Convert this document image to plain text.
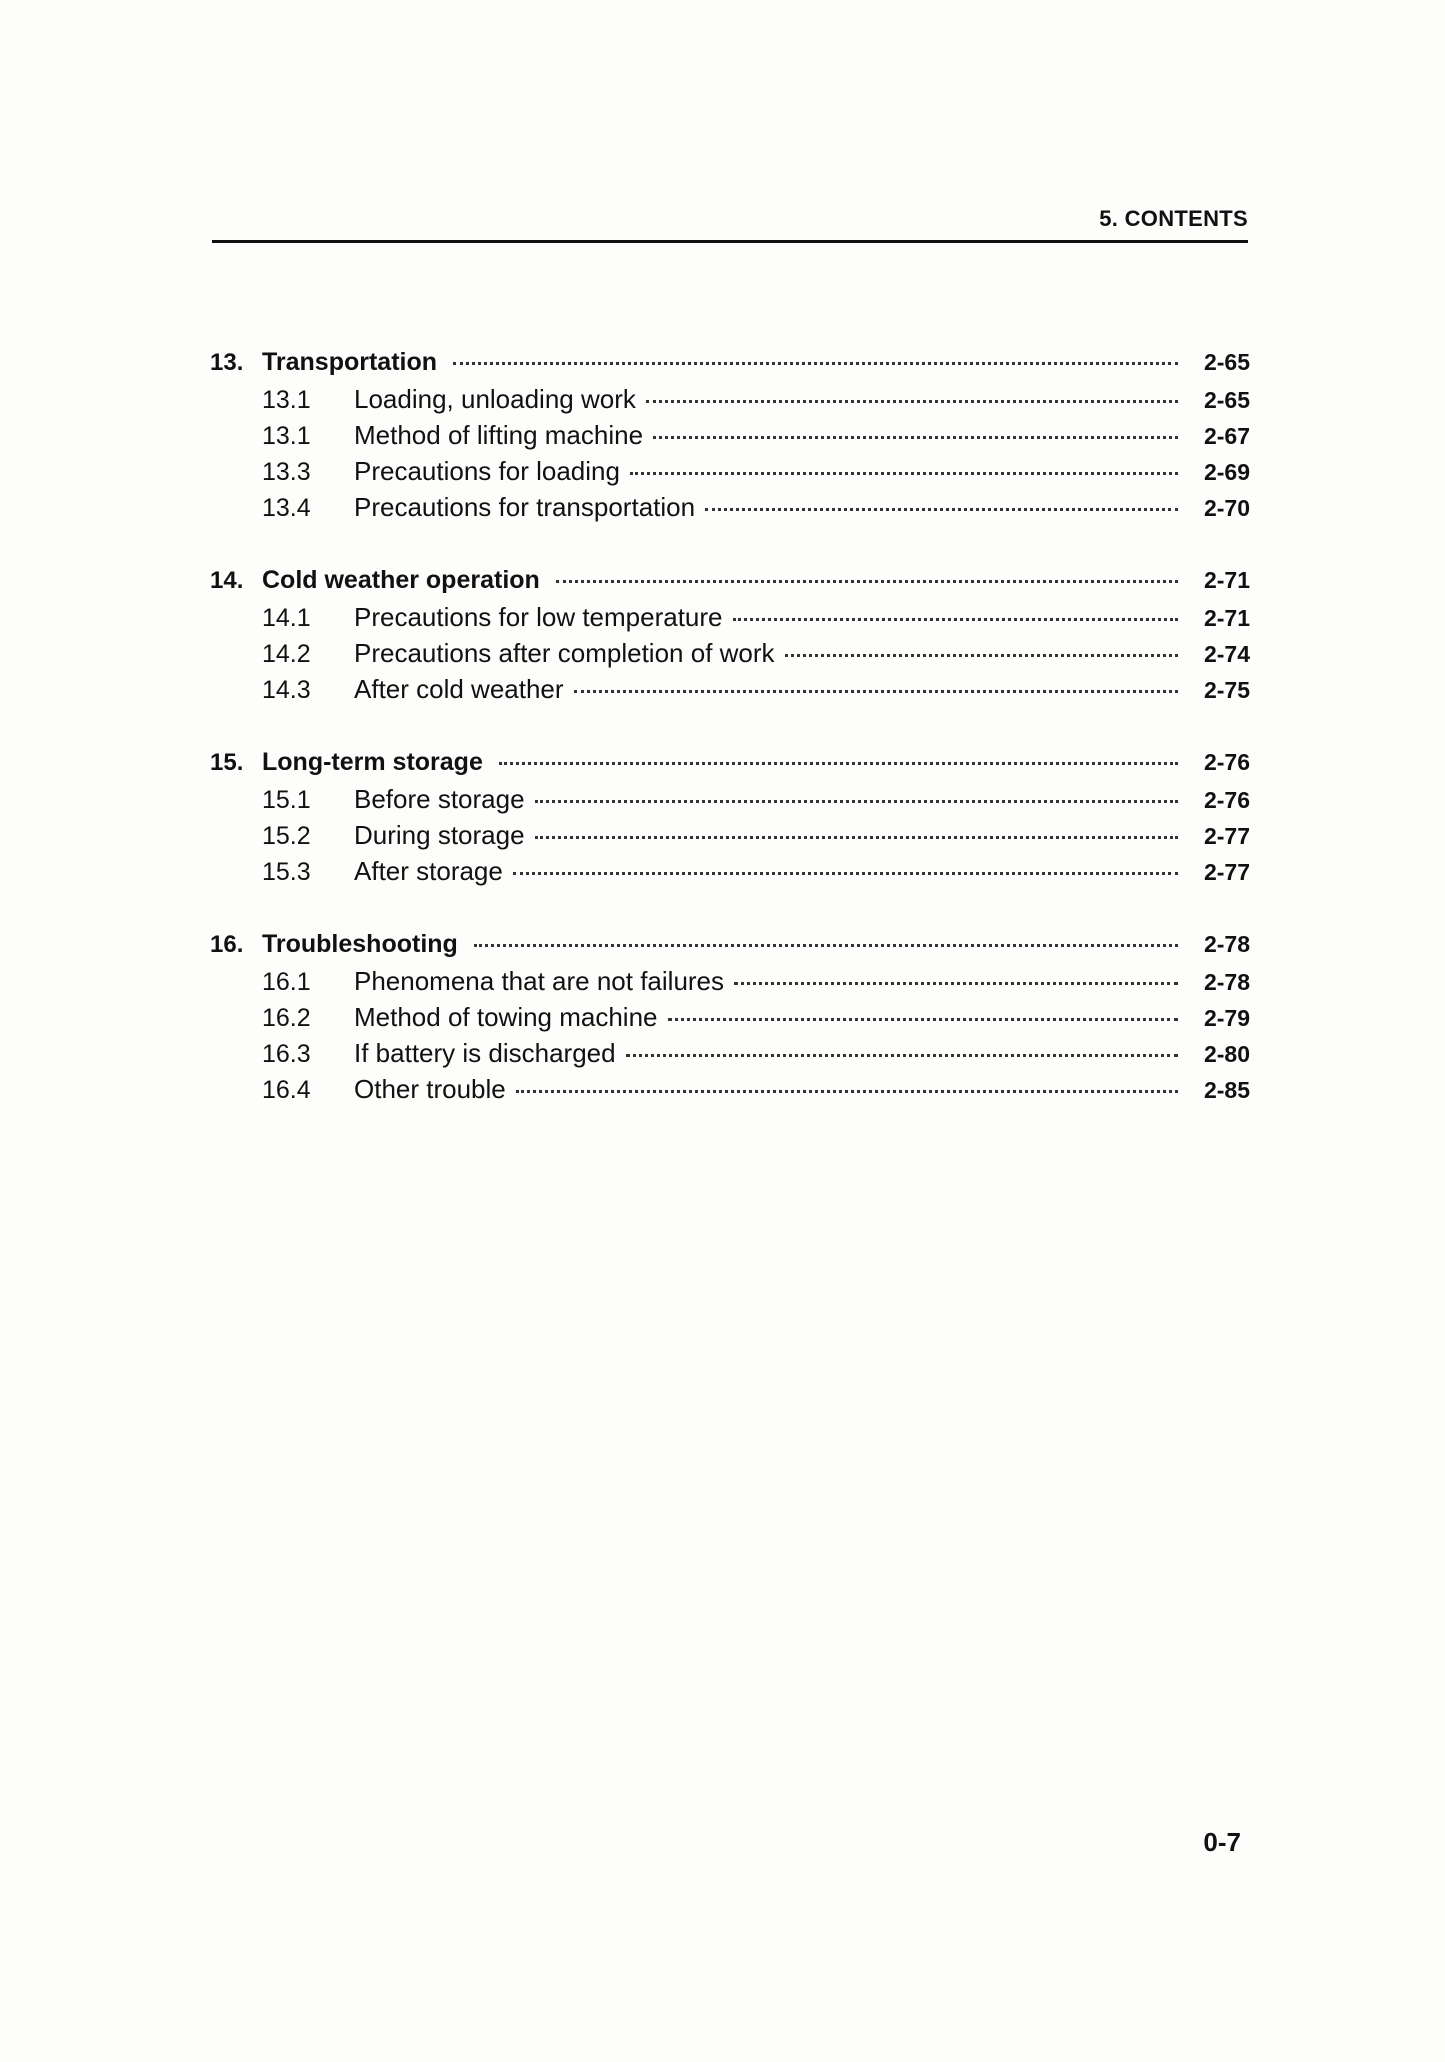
5. CONTENTS
13. Transportation	2-65
13.1	Loading, unloading work	2-65
13.1	Method of lifting machine	2-67
13.3	Precautions for loading	2-69
13.4	Precautions for transportation	2-70
14. Cold weather operation	2-71
14.1	Precautions for low temperature	2-71
14.2	Precautions after completion of work	2-74
14.3	After cold weather	2-75
15. Long-term storage	2-76
15.1	Before storage	2-76
15.2	During storage	2-77
15.3	After storage	2-77
16. Troubleshooting	2-78
16.1	Phenomena that are not failures	2-78
16.2	Method of towing machine	2-79
16.3	If battery is discharged	2-80
16.4	Other trouble	2-85
0-7
